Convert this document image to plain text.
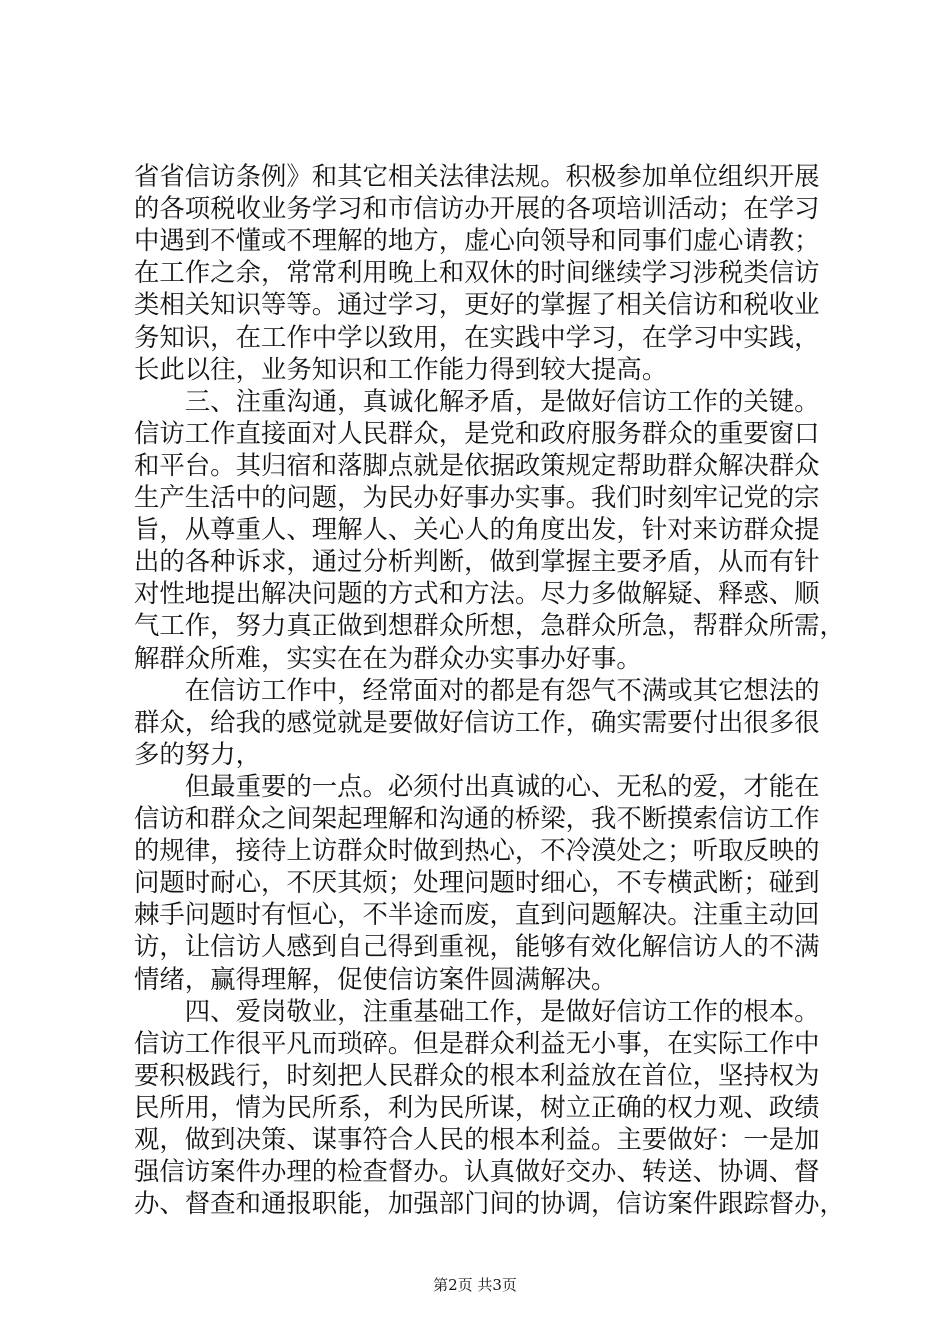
省省信访条例》和其它相关法律法规。积极参加单位组织开展
的各项税收业务学习和市信访办开展的各项培训活动；在学习
中遇到不懂或不理解的地方，虚心向领导和同事们虚心请教；
在工作之余，常常利用晚上和双休的时间继续学习涉税类信访
类相关知识等等。通过学习，更好的掌握了相关信访和税收业
务知识，在工作中学以致用，在实践中学习，在学习中实践，
长此以往，业务知识和工作能力得到较大提高。
　　三、注重沟通，真诚化解矛盾，是做好信访工作的关键。
信访工作直接面对人民群众，是党和政府服务群众的重要窗口
和平台。其归宿和落脚点就是依据政策规定帮助群众解决群众
生产生活中的问题，为民办好事办实事。我们时刻牢记党的宗
旨，从尊重人、理解人、关心人的角度出发，针对来访群众提
出的各种诉求，通过分析判断，做到掌握主要矛盾，从而有针
对性地提出解决问题的方式和方法。尽力多做解疑、释惑、顺
气工作，努力真正做到想群众所想，急群众所急，帮群众所需，
解群众所难，实实在在为群众办实事办好事。
　　在信访工作中，经常面对的都是有怨气不满或其它想法的
群众，给我的感觉就是要做好信访工作，确实需要付出很多很
多的努力，
　　但最重要的一点。必须付出真诚的心、无私的爱，才能在
信访和群众之间架起理解和沟通的桥梁，我不断摸索信访工作
的规律，接待上访群众时做到热心，不冷漠处之；听取反映的
问题时耐心，不厌其烦；处理问题时细心，不专横武断；碰到
棘手问题时有恒心，不半途而废，直到问题解决。注重主动回
访，让信访人感到自己得到重视，能够有效化解信访人的不满
情绪，赢得理解，促使信访案件圆满解决。
　　四、爱岗敬业，注重基础工作，是做好信访工作的根本。
信访工作很平凡而琐碎。但是群众利益无小事，在实际工作中
要积极践行，时刻把人民群众的根本利益放在首位，坚持权为
民所用，情为民所系，利为民所谋，树立正确的权力观、政绩
观，做到决策、谋事符合人民的根本利益。主要做好：一是加
强信访案件办理的检查督办。认真做好交办、转送、协调、督
办、督查和通报职能，加强部门间的协调，信访案件跟踪督办，
第2页 共3页
